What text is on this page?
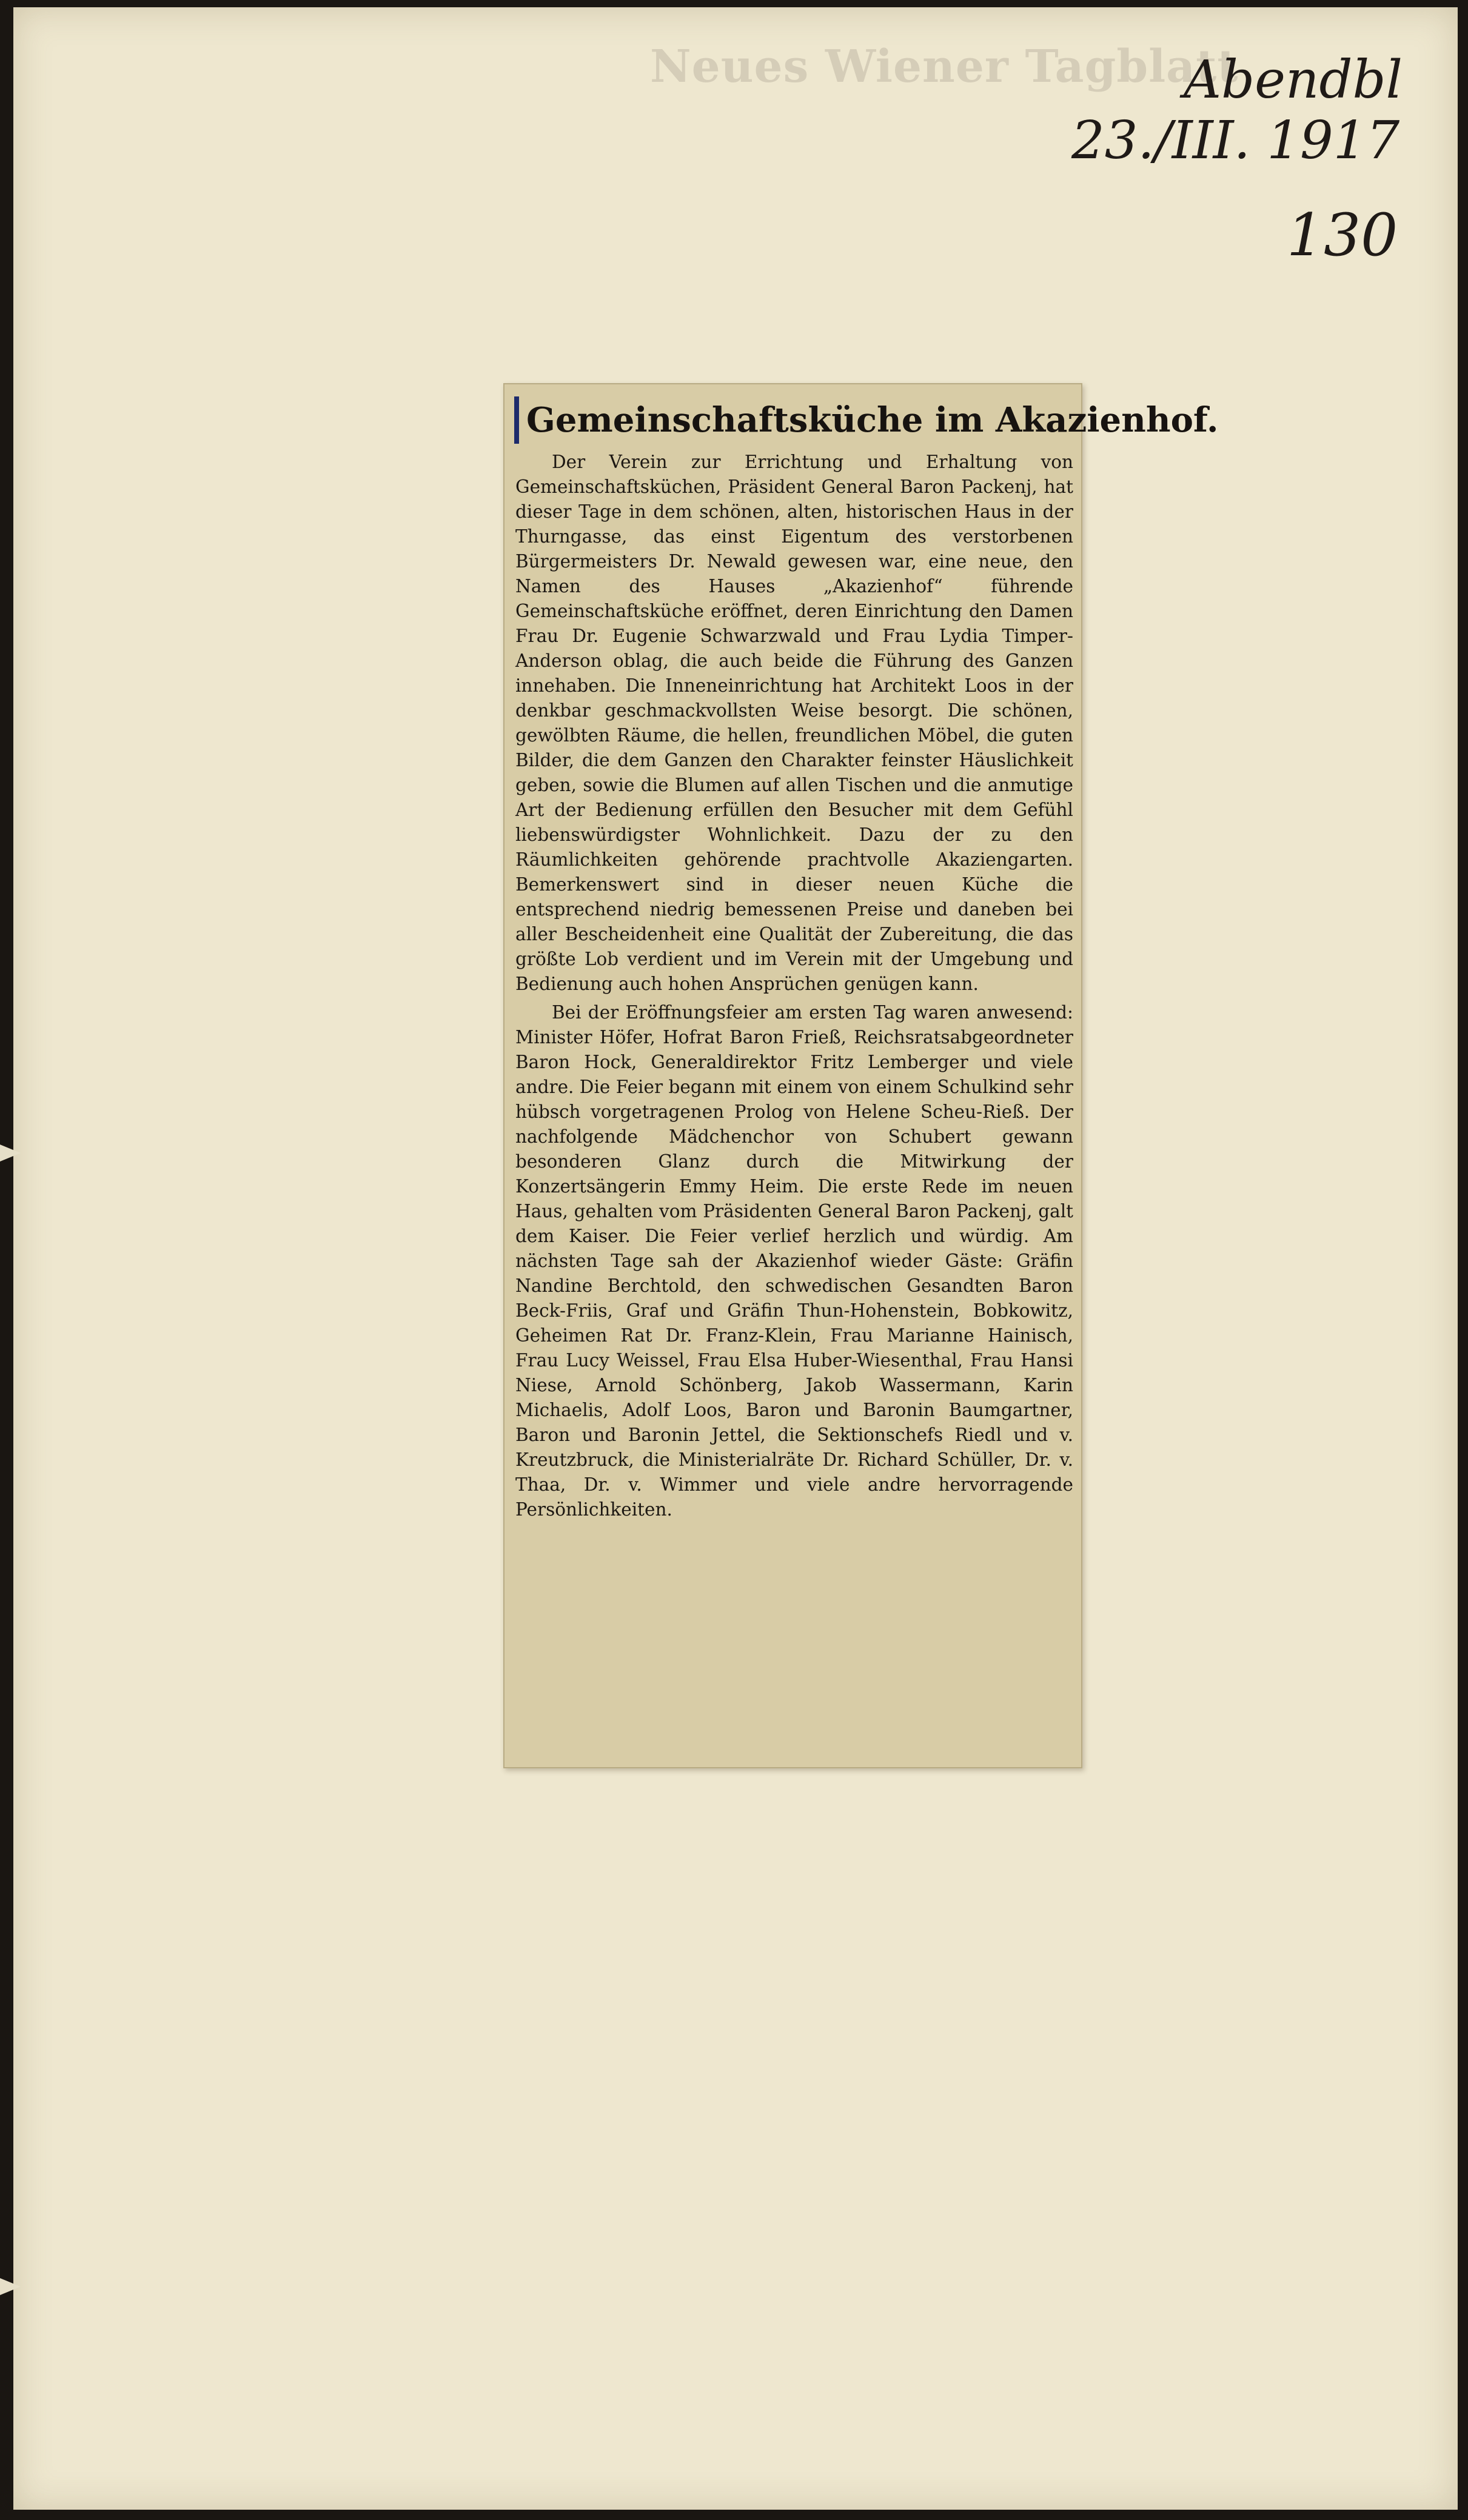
Neues Wiener Tagblatt
Abendbl
23./III. 1917
130
Gemeinschaftsküche im Akazienhof.

Der Verein zur Errichtung und Erhaltung von Gemeinschaftsküchen, Präsident General Baron Packenj, hat dieser Tage in dem schönen, alten, historischen Haus in der Thurngasse, das einst Eigentum des verstorbenen Bürgermeisters Dr. Newald gewesen war, eine neue, den Namen des Hauses „Akazienhof“ führende Gemeinschaftsküche eröffnet, deren Einrichtung den Damen Frau Dr. Eugenie Schwarzwald und Frau Lydia Timper-Anderson oblag, die auch beide die Führung des Ganzen innehaben. Die Inneneinrichtung hat Architekt Loos in der denkbar geschmackvollsten Weise besorgt. Die schönen, gewölbten Räume, die hellen, freundlichen Möbel, die guten Bilder, die dem Ganzen den Charakter feinster Häuslichkeit geben, sowie die Blumen auf allen Tischen und die anmutige Art der Bedienung erfüllen den Besucher mit dem Gefühl liebenswürdigster Wohnlichkeit. Dazu der zu den Räumlichkeiten gehörende prachtvolle Akaziengarten. Bemerkenswert sind in dieser neuen Küche die entsprechend niedrig bemessenen Preise und daneben bei aller Bescheidenheit eine Qualität der Zubereitung, die das größte Lob verdient und im Verein mit der Umgebung und Bedienung auch hohen Ansprüchen genügen kann.

Bei der Eröffnungsfeier am ersten Tag waren anwesend: Minister Höfer, Hofrat Baron Frieß, Reichsratsabgeordneter Baron Hock, Generaldirektor Fritz Lemberger und viele andre. Die Feier begann mit einem von einem Schulkind sehr hübsch vorgetragenen Prolog von Helene Scheu-Rieß. Der nachfolgende Mädchenchor von Schubert gewann besonderen Glanz durch die Mitwirkung der Konzertsängerin Emmy Heim. Die erste Rede im neuen Haus, gehalten vom Präsidenten General Baron Packenj, galt dem Kaiser. Die Feier verlief herzlich und würdig. Am nächsten Tage sah der Akazienhof wieder Gäste: Gräfin Nandine Berchtold, den schwedischen Gesandten Baron Beck-Friis, Graf und Gräfin Thun-Hohenstein, Bobkowitz, Geheimen Rat Dr. Franz-Klein, Frau Marianne Hainisch, Frau Lucy Weissel, Frau Elsa Huber-Wiesenthal, Frau Hansi Niese, Arnold Schönberg, Jakob Wassermann, Karin Michaelis, Adolf Loos, Baron und Baronin Baumgartner, Baron und Baronin Jettel, die Sektionschefs Riedl und v. Kreutzbruck, die Ministerialräte Dr. Richard Schüller, Dr. v. Thaa, Dr. v. Wimmer und viele andre hervorragende Persönlichkeiten.
